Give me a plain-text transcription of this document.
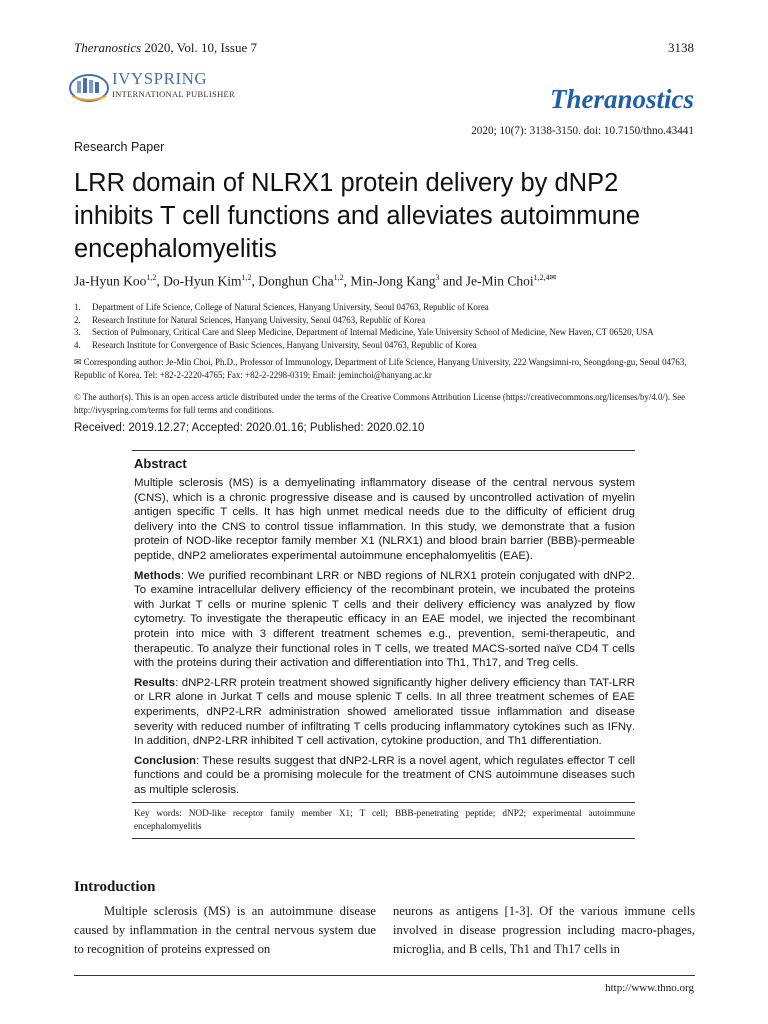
Theranostics 2020, Vol. 10, Issue 7	3138
IVYSPRING
INTERNATIONAL PUBLISHER	Theranostics
2020; 10(7): 3138-3150. doi: 10.7150/thno.43441
Research Paper
LRR domain of NLRX1 protein delivery by dNP2 inhibits T cell functions and alleviates autoimmune encephalomyelitis
Ja-Hyun Koo$^{1,2}$, Do-Hyun Kim$^{1,2}$, Donghun Cha$^{1,2}$, Min-Jong Kang$^3$ and Je-Min Choi$^{1,2,4✉}$
1.	Department of Life Science, College of Natural Sciences, Hanyang University, Seoul 04763, Republic of Korea
2.	Research Institute for Natural Sciences, Hanyang University, Seoul 04763, Republic of Korea
3.	Section of Pulmonary, Critical Care and Sleep Medicine, Department of Internal Medicine, Yale University School of Medicine, New Haven, CT 06520, USA
4.	Research Institute for Convergence of Basic Sciences, Hanyang University, Seoul 04763, Republic of Korea
✉ Corresponding author: Je-Min Choi, Ph.D., Professor of Immunology, Department of Life Science, Hanyang University, 222 Wangsimni-ro, Seongdong-gu, Seoul 04763, Republic of Korea. Tel: +82-2-2220-4765; Fax: +82-2-2298-0319; Email: jeminchoi@hanyang.ac.kr
© The author(s). This is an open access article distributed under the terms of the Creative Commons Attribution License (https://creativecommons.org/licenses/by/4.0/). See http://ivyspring.com/terms for full terms and conditions.
Received: 2019.12.27; Accepted: 2020.01.16; Published: 2020.02.10
Abstract

Multiple sclerosis (MS) is a demyelinating inflammatory disease of the central nervous system (CNS), which is a chronic progressive disease and is caused by uncontrolled activation of myelin antigen specific T cells. It has high unmet medical needs due to the difficulty of efficient drug delivery into the CNS to control tissue inflammation. In this study, we demonstrate that a fusion protein of NOD-like receptor family member X1 (NLRX1) and blood brain barrier (BBB)-permeable peptide, dNP2 ameliorates experimental autoimmune encephalomyelitis (EAE).

Methods: We purified recombinant LRR or NBD regions of NLRX1 protein conjugated with dNP2. To examine intracellular delivery efficiency of the recombinant protein, we incubated the proteins with Jurkat T cells or murine splenic T cells and their delivery efficiency was analyzed by flow cytometry. To investigate the therapeutic efficacy in an EAE model, we injected the recombinant protein into mice with 3 different treatment schemes e.g., prevention, semi-therapeutic, and therapeutic. To analyze their functional roles in T cells, we treated MACS-sorted naïve CD4 T cells with the proteins during their activation and differentiation into Th1, Th17, and Treg cells.

Results: dNP2-LRR protein treatment showed significantly higher delivery efficiency than TAT-LRR or LRR alone in Jurkat T cells and mouse splenic T cells. In all three treatment schemes of EAE experiments, dNP2-LRR administration showed ameliorated tissue inflammation and disease severity with reduced number of infiltrating T cells producing inflammatory cytokines such as IFNγ. In addition, dNP2-LRR inhibited T cell activation, cytokine production, and Th1 differentiation.

Conclusion: These results suggest that dNP2-LRR is a novel agent, which regulates effector T cell functions and could be a promising molecule for the treatment of CNS autoimmune diseases such as multiple sclerosis.

Key words: NOD-like receptor family member X1; T cell; BBB-penetrating peptide; dNP2; experimental autoimmune encephalomyelitis
Introduction
Multiple sclerosis (MS) is an autoimmune disease caused by inflammation in the central nervous system due to recognition of proteins expressed on
neurons as antigens [1-3]. Of the various immune cells involved in disease progression including macro-phages, microglia, and B cells, Th1 and Th17 cells in
http://www.thno.org
